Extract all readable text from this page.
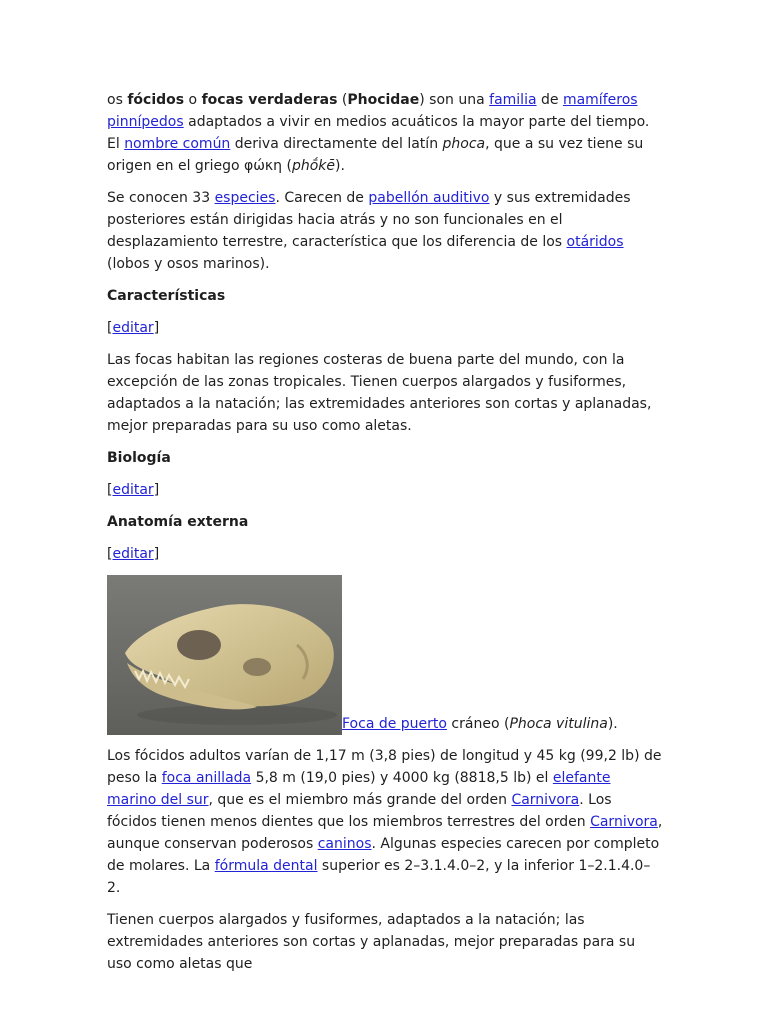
os fócidos o focas verdaderas (Phocidae) son una familia de mamíferos pinnípedos adaptados a vivir en medios acuáticos la mayor parte del tiempo. El nombre común deriva directamente del latín phoca, que a su vez tiene su origen en el griego φώκη (phṓkē).

Se conocen 33 especies. Carecen de pabellón auditivo y sus extremidades posteriores están dirigidas hacia atrás y no son funcionales en el desplazamiento terrestre, característica que los diferencia de los otáridos (lobos y osos marinos).

Características

[editar]

Las focas habitan las regiones costeras de buena parte del mundo, con la excepción de las zonas tropicales. Tienen cuerpos alargados y fusiformes, adaptados a la natación; las extremidades anteriores son cortas y aplanadas, mejor preparadas para su uso como aletas.

Biología

[editar]

Anatomía externa

[editar]

Foca de puerto cráneo (Phoca vitulina).

Los fócidos adultos varían de 1,17 m (3,8 pies) de longitud y 45 kg (99,2 lb) de peso la foca anillada 5,8 m (19,0 pies) y 4000 kg (8818,5 lb) el elefante marino del sur, que es el miembro más grande del orden Carnivora. Los fócidos tienen menos dientes que los miembros terrestres del orden Carnivora, aunque conservan poderosos caninos. Algunas especies carecen por completo de molares. La fórmula dental superior es 2–3.1.4.0–2, y la inferior 1–2.1.4.0–2.

Tienen cuerpos alargados y fusiformes, adaptados a la natación; las extremidades anteriores son cortas y aplanadas, mejor preparadas para su uso como aletas que
